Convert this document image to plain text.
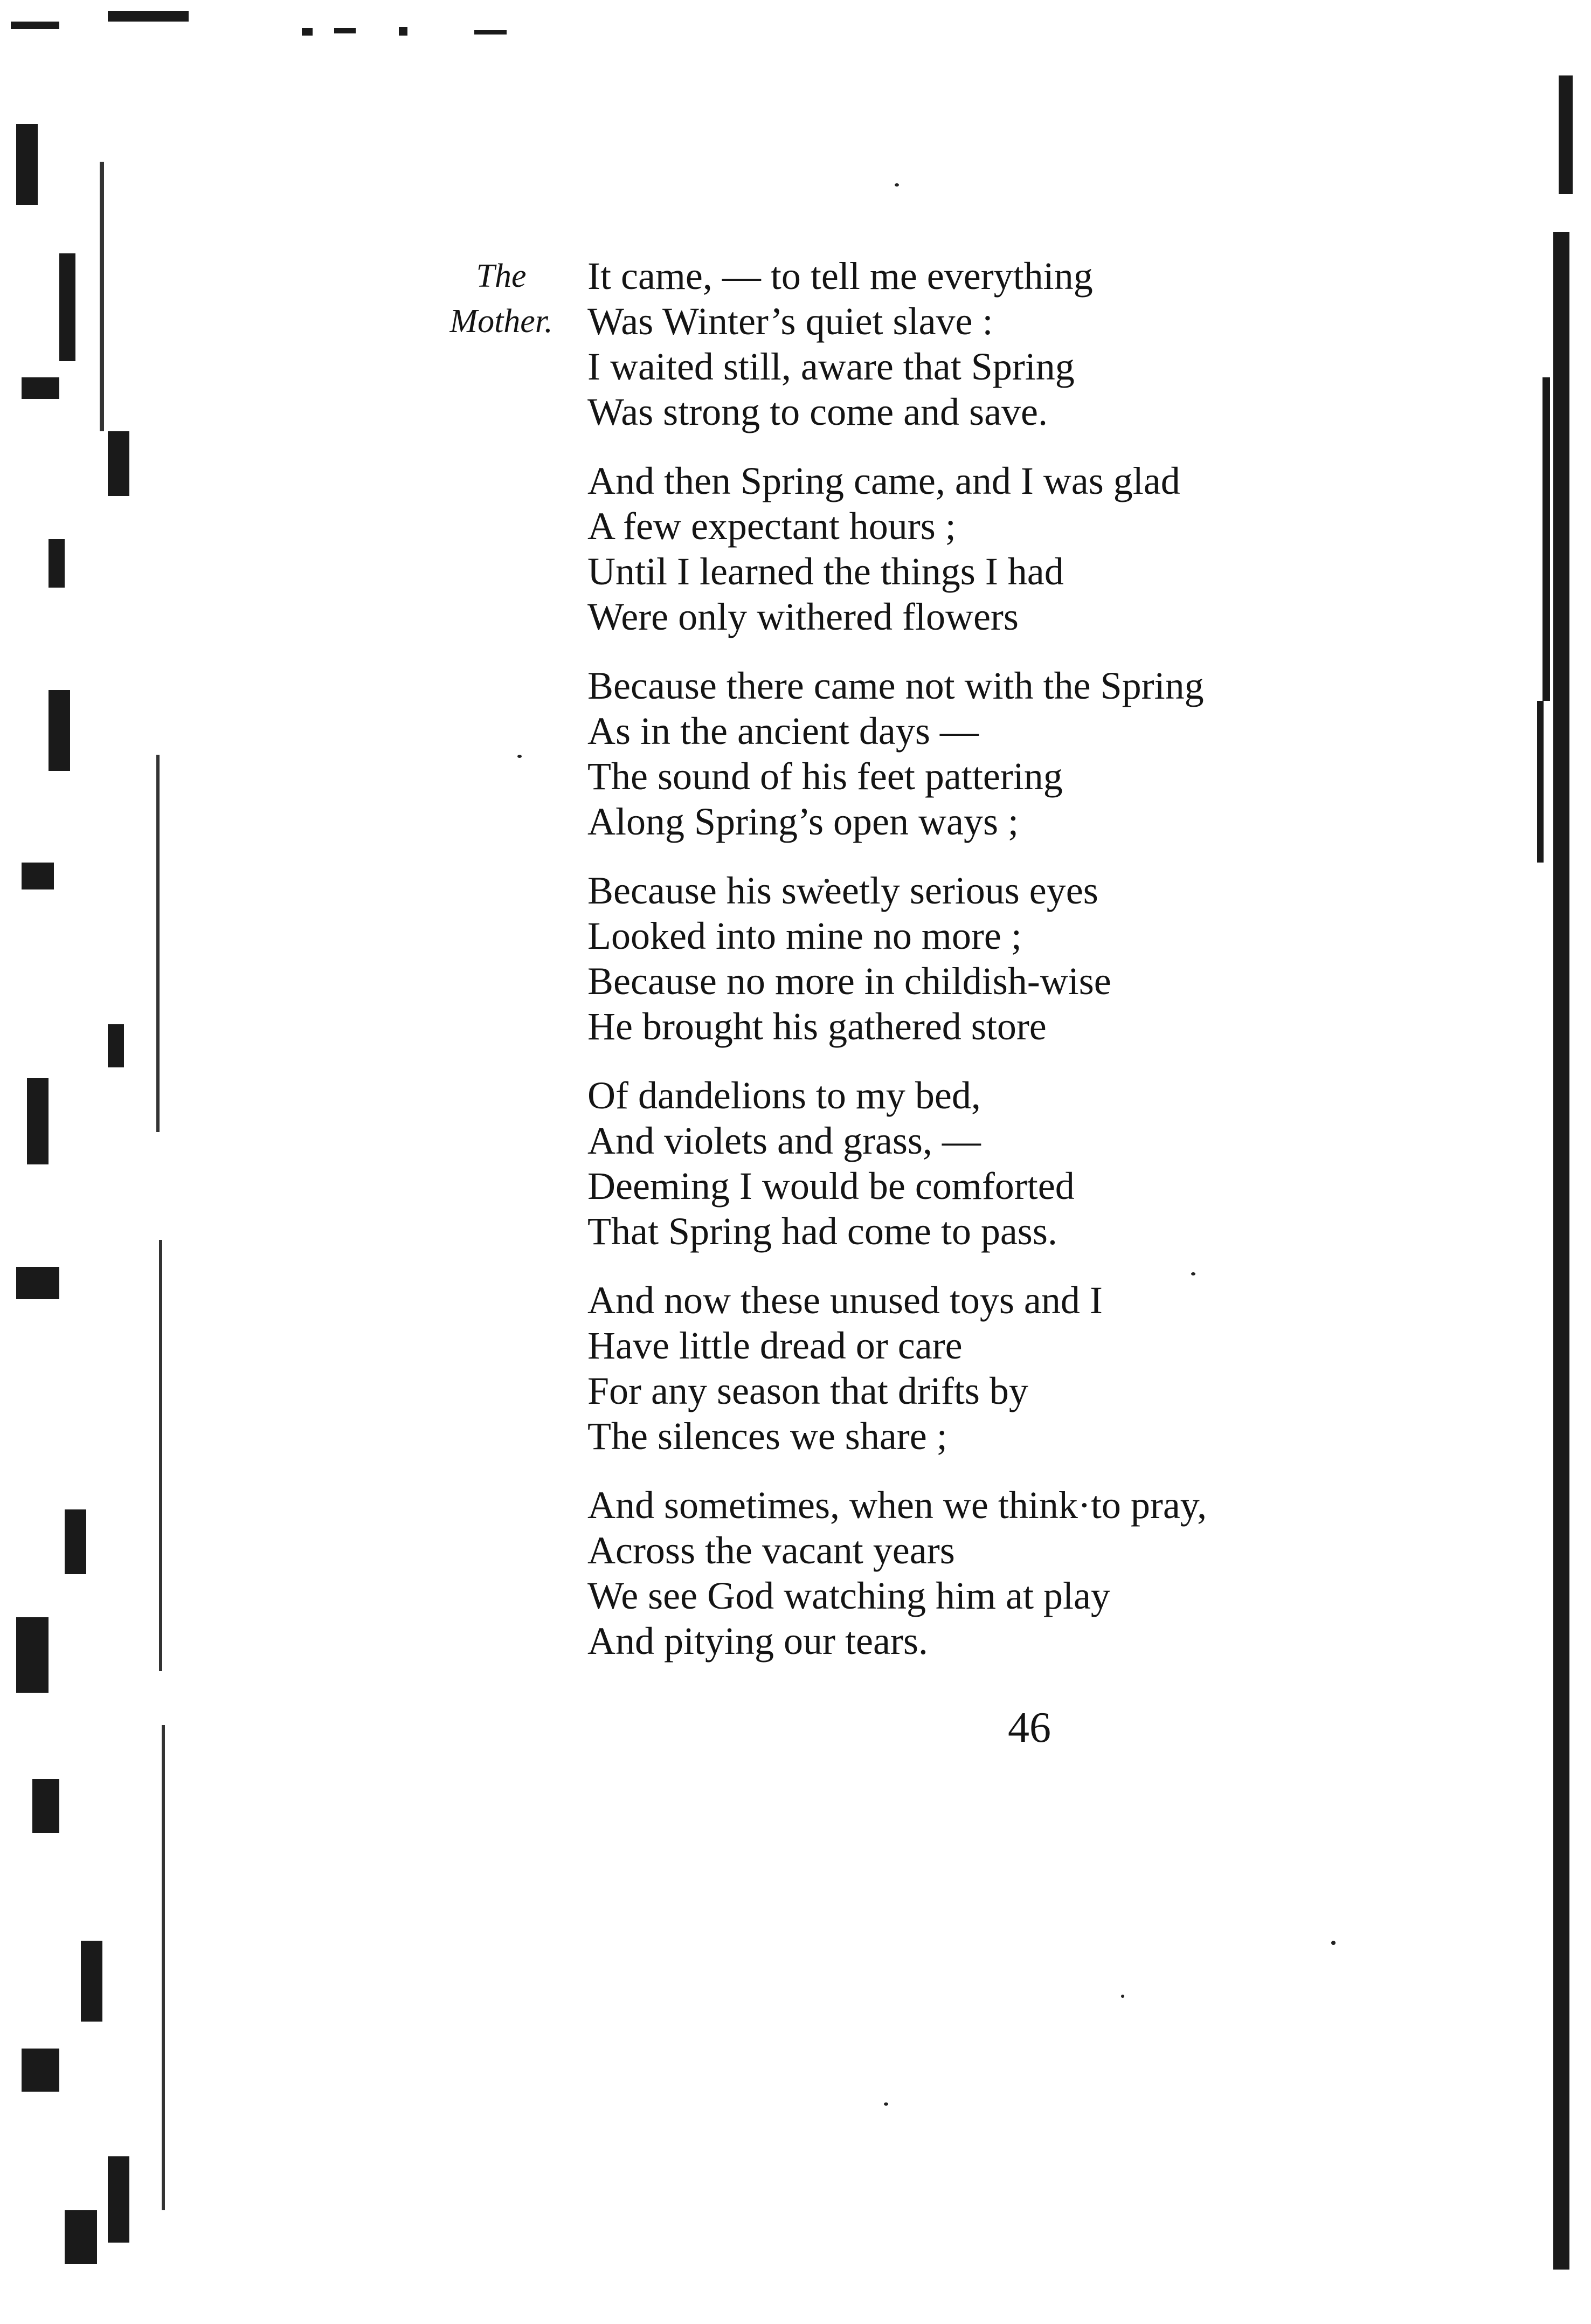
The
Mother.
It came, — to tell me everything
Was Winter’s quiet slave :
I waited still, aware that Spring
Was strong to come and save.
And then Spring came, and I was glad
A few expectant hours ;
Until I learned the things I had
Were only withered flowers
Because there came not with the Spring
As in the ancient days —
The sound of his feet pattering
Along Spring’s open ways ;
Because his sweetly serious eyes
Looked into mine no more ;
Because no more in childish-wise
He brought his gathered store
Of dandelions to my bed,
And violets and grass, —
Deeming I would be comforted
That Spring had come to pass.
And now these unused toys and I
Have little dread or care
For any season that drifts by
The silences we share ;
And sometimes, when we think·to pray,
Across the vacant years
We see God watching him at play
And pitying our tears.
46
